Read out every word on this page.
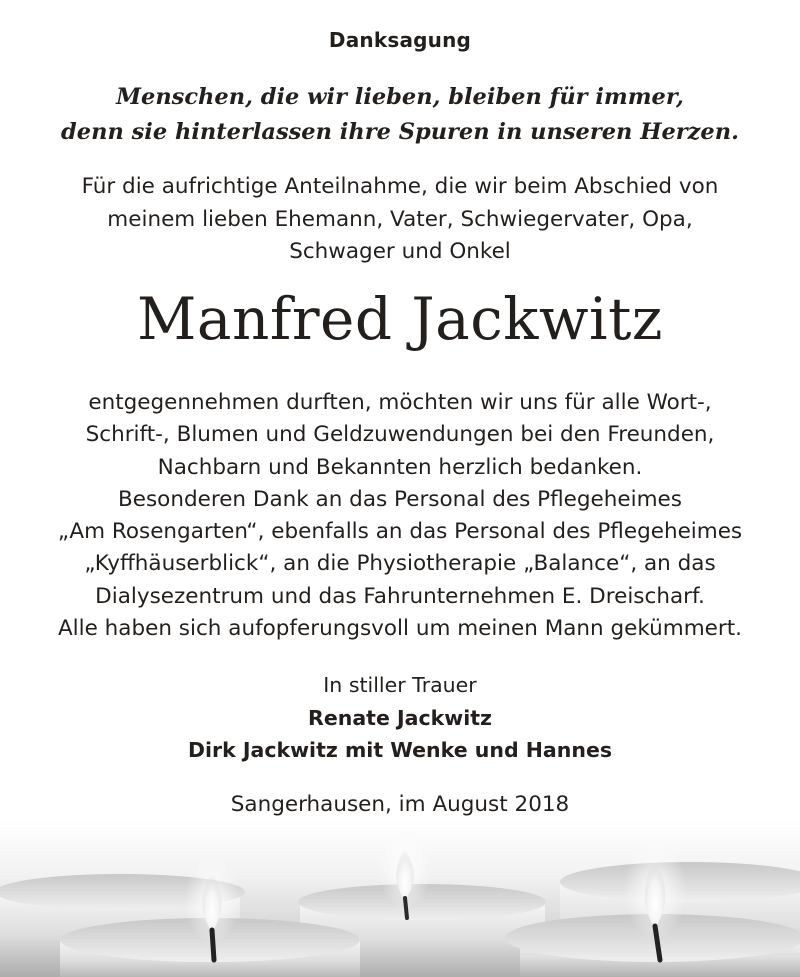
Danksagung
Menschen, die wir lieben, bleiben für immer,
denn sie hinterlassen ihre Spuren in unseren Herzen.
Für die aufrichtige Anteilnahme, die wir beim Abschied von
meinem lieben Ehemann, Vater, Schwiegervater, Opa,
Schwager und Onkel
Manfred Jackwitz
entgegennehmen durften, möchten wir uns für alle Wort-,
Schrift-, Blumen und Geldzuwendungen bei den Freunden,
Nachbarn und Bekannten herzlich bedanken.
Besonderen Dank an das Personal des Pflegeheimes
„Am Rosengarten“, ebenfalls an das Personal des Pflegeheimes
„Kyffhäuserblick“, an die Physiotherapie „Balance“, an das
Dialysezentrum und das Fahrunternehmen E. Dreischarf.
Alle haben sich aufopferungsvoll um meinen Mann gekümmert.
In stiller Trauer
Renate Jackwitz
Dirk Jackwitz mit Wenke und Hannes
Sangerhausen, im August 2018
